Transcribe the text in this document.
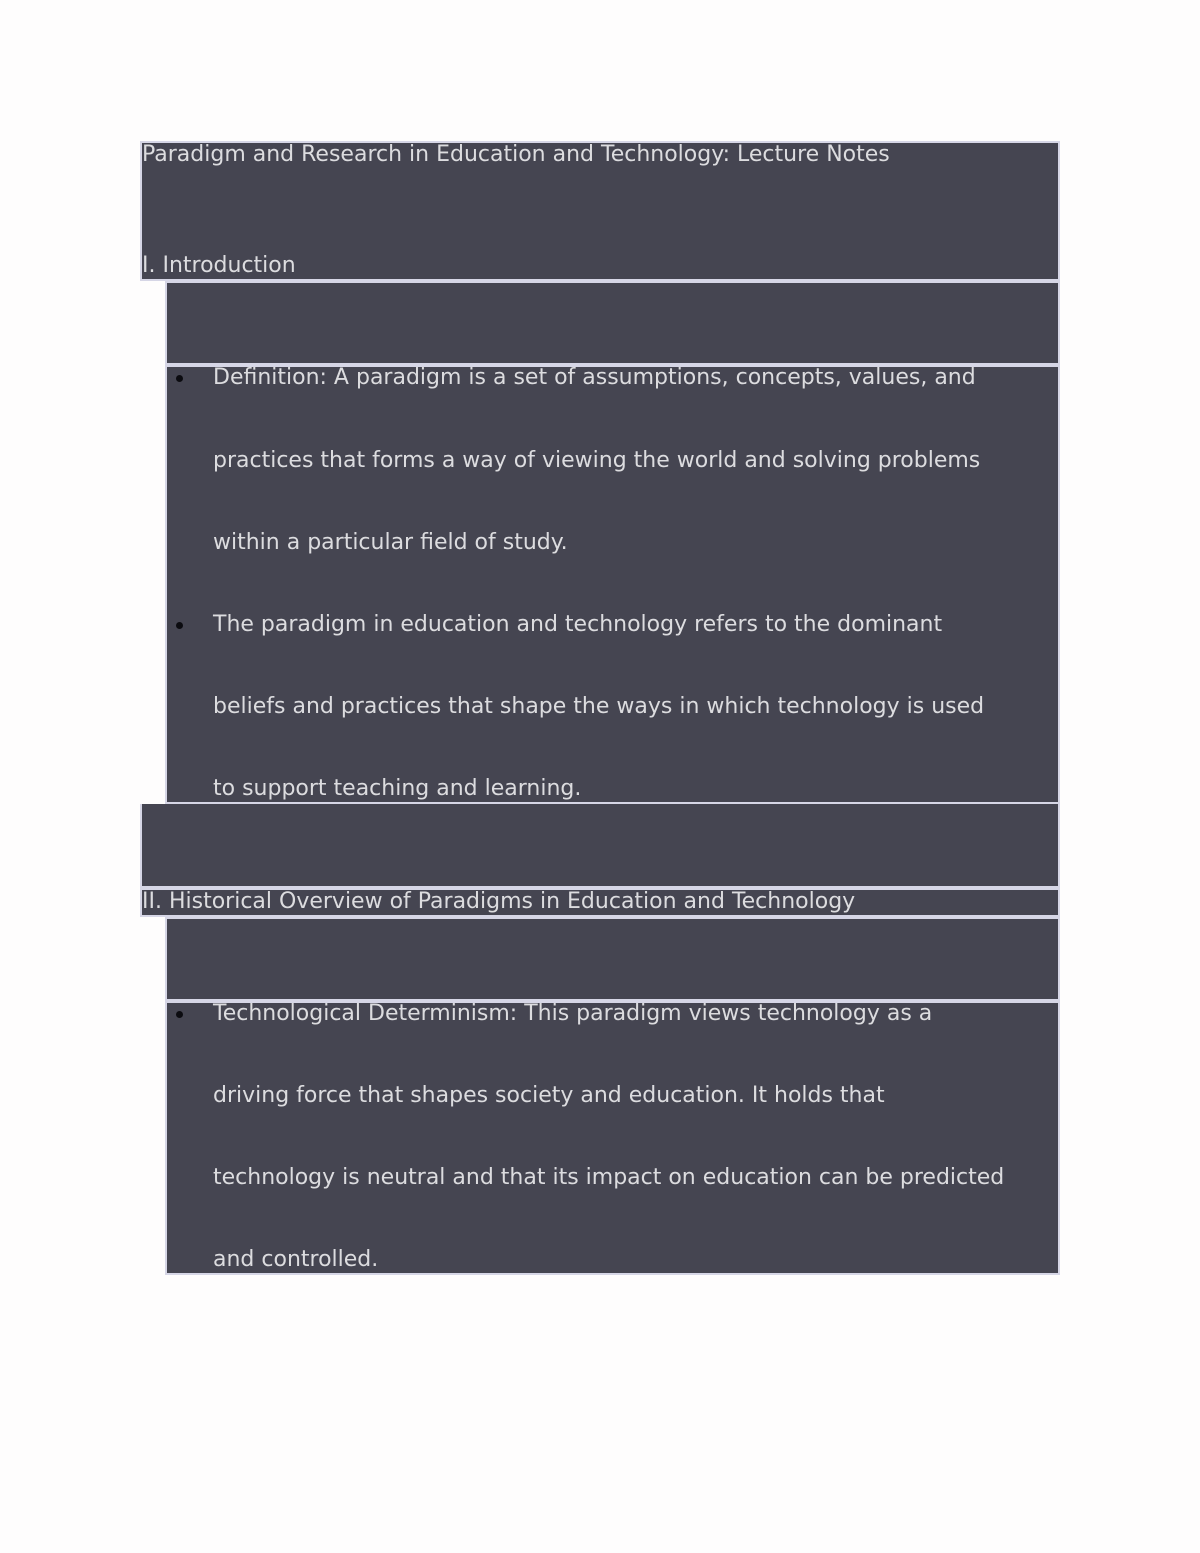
Paradigm and Research in Education and Technology: Lecture Notes
I. Introduction
Definition: A paradigm is a set of assumptions, concepts, values, and
practices that forms a way of viewing the world and solving problems
within a particular field of study.
The paradigm in education and technology refers to the dominant
beliefs and practices that shape the ways in which technology is used
to support teaching and learning.
II. Historical Overview of Paradigms in Education and Technology
Technological Determinism: This paradigm views technology as a
driving force that shapes society and education. It holds that
technology is neutral and that its impact on education can be predicted
and controlled.
